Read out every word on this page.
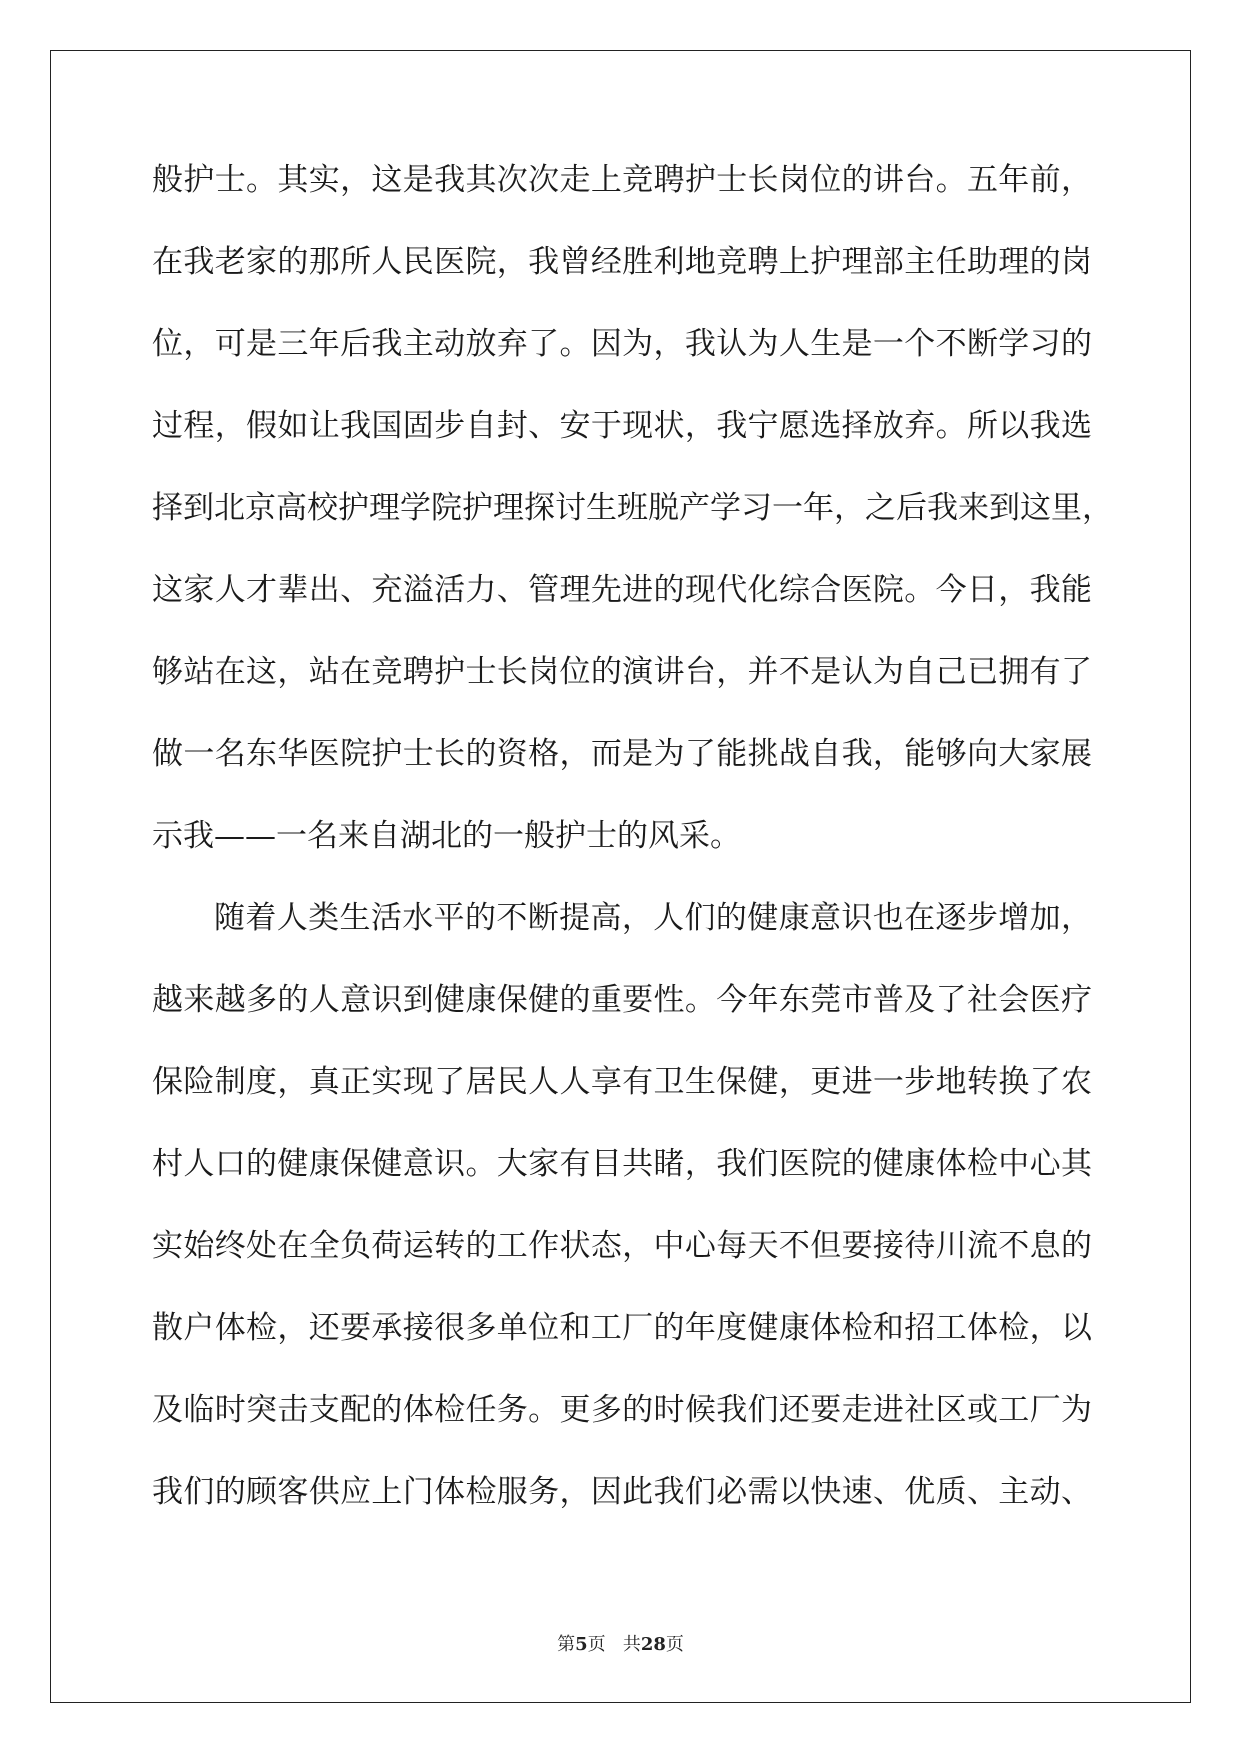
般护士。其实，这是我其次次走上竞聘护士长岗位的讲台。五年前，
在我老家的那所人民医院，我曾经胜利地竞聘上护理部主任助理的岗
位，可是三年后我主动放弃了。因为，我认为人生是一个不断学习的
过程，假如让我国固步自封、安于现状，我宁愿选择放弃。所以我选
择到北京高校护理学院护理探讨生班脱产学习一年，之后我来到这里，
这家人才辈出、充溢活力、管理先进的现代化综合医院。今日，我能
够站在这，站在竞聘护士长岗位的演讲台，并不是认为自己已拥有了
做一名东华医院护士长的资格，而是为了能挑战自我，能够向大家展
示我——一名来自湖北的一般护士的风采。
随着人类生活水平的不断提高，人们的健康意识也在逐步增加，
越来越多的人意识到健康保健的重要性。今年东莞市普及了社会医疗
保险制度，真正实现了居民人人享有卫生保健，更进一步地转换了农
村人口的健康保健意识。大家有目共睹，我们医院的健康体检中心其
实始终处在全负荷运转的工作状态，中心每天不但要接待川流不息的
散户体检，还要承接很多单位和工厂的年度健康体检和招工体检，以
及临时突击支配的体检任务。更多的时候我们还要走进社区或工厂为
我们的顾客供应上门体检服务，因此我们必需以快速、优质、主动、
第5页 共28页
